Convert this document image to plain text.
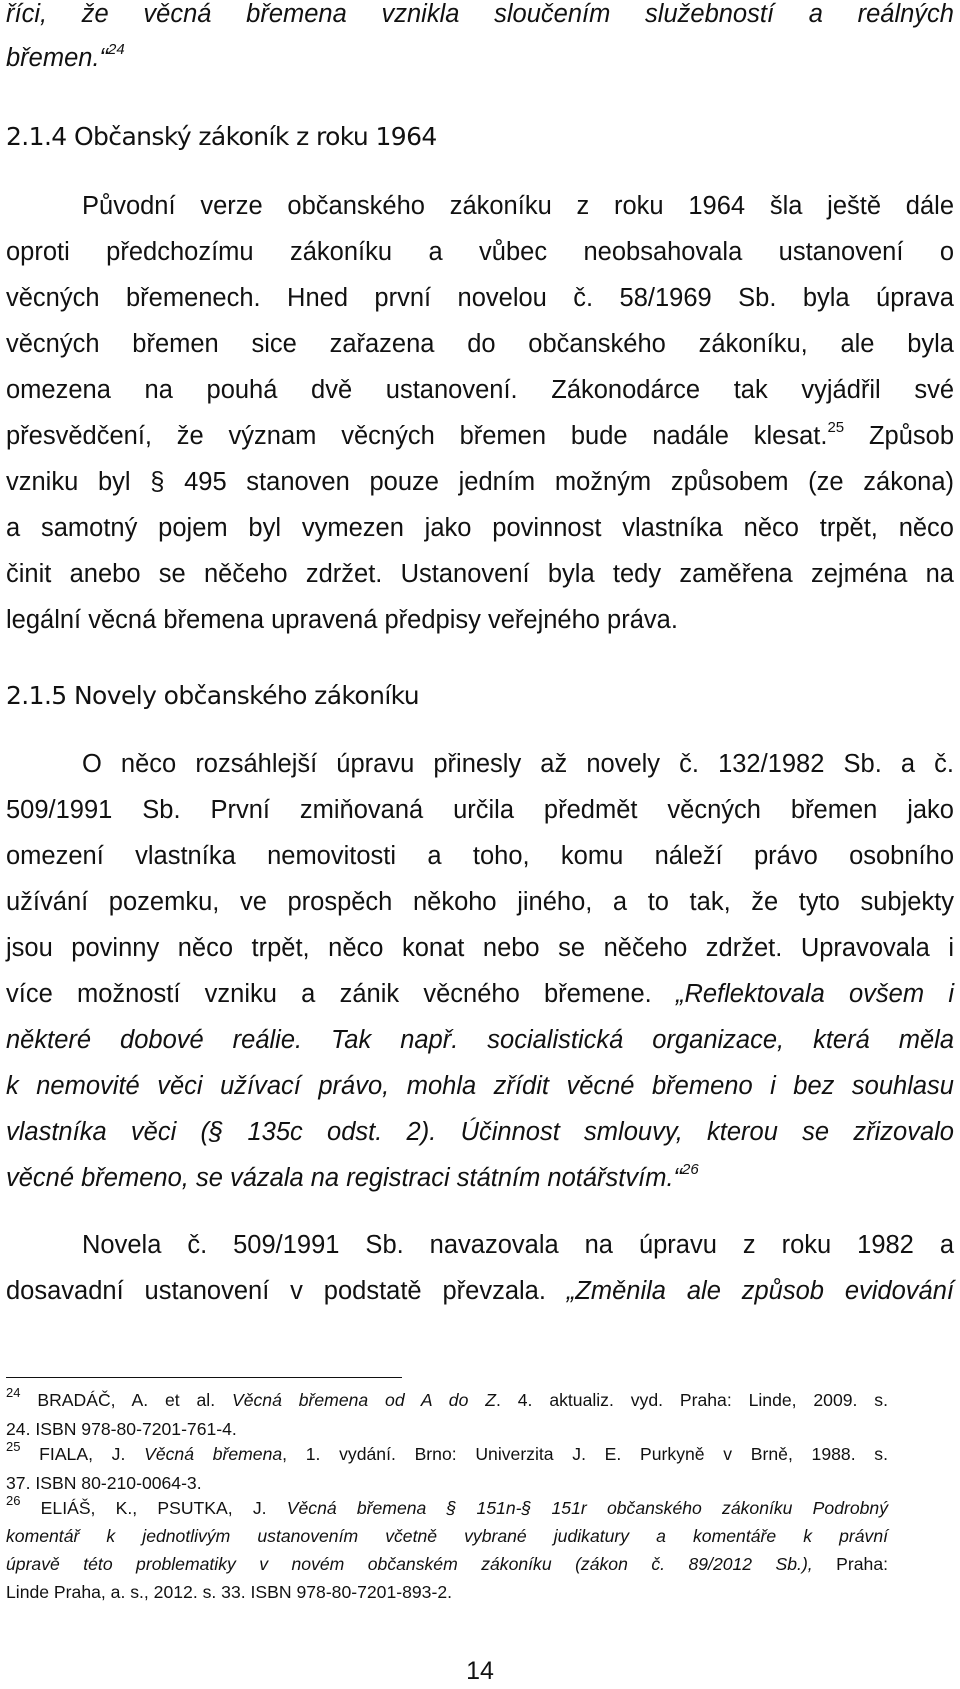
říci, že věcná břemena vznikla sloučením služebností a reálných
břemen.“$^{24}$
2.1.4 Občanský zákoník z roku 1964
Původní verze občanského zákoníku z roku 1964 šla ještě dále
oproti předchozímu zákoníku a vůbec neobsahovala ustanovení o
věcných břemenech. Hned první novelou č. 58/1969 Sb. byla úprava
věcných břemen sice zařazena do občanského zákoníku, ale byla
omezena na pouhá dvě ustanovení. Zákonodárce tak vyjádřil své
přesvědčení, že význam věcných břemen bude nadále klesat.$^{25}$ Způsob
vzniku byl § 495 stanoven pouze jedním možným způsobem (ze zákona)
a samotný pojem byl vymezen jako povinnost vlastníka něco trpět, něco
činit anebo se něčeho zdržet. Ustanovení byla tedy zaměřena zejména na
legální věcná břemena upravená předpisy veřejného práva.
2.1.5 Novely občanského zákoníku
O něco rozsáhlejší úpravu přinesly až novely č. 132/1982 Sb. a č.
509/1991 Sb. První zmiňovaná určila předmět věcných břemen jako
omezení vlastníka nemovitosti a toho, komu náleží právo osobního
užívání pozemku, ve prospěch někoho jiného, a to tak, že tyto subjekty
jsou povinny něco trpět, něco konat nebo se něčeho zdržet. Upravovala i
více možností vzniku a zánik věcného břemene. „Reflektovala ovšem i
některé dobové reálie. Tak např. socialistická organizace, která měla
k nemovité věci užívací právo, mohla zřídit věcné břemeno i bez souhlasu
vlastníka věci (§ 135c odst. 2). Účinnost smlouvy, kterou se zřizovalo
věcné břemeno, se vázala na registraci státním notářstvím.“$^{26}$
Novela č. 509/1991 Sb. navazovala na úpravu z roku 1982 a
dosavadní ustanovení v podstatě převzala. „Změnila ale způsob evidování
$^{24}$ BRADÁČ, A. et al. Věcná břemena od A do Z. 4. aktualiz. vyd. Praha: Linde, 2009. s.
24. ISBN 978-80-7201-761-4.
$^{25}$ FIALA, J. Věcná břemena, 1. vydání. Brno: Univerzita J. E. Purkyně v Brně, 1988. s.
37. ISBN 80-210-0064-3.
$^{26}$ ELIÁŠ, K., PSUTKA, J. Věcná břemena § 151n-§ 151r občanského zákoníku Podrobný
komentář k jednotlivým ustanovením včetně vybrané judikatury a komentáře k právní
úpravě této problematiky v novém občanském zákoníku (zákon č. 89/2012 Sb.), Praha:
Linde Praha, a. s., 2012. s. 33. ISBN 978-80-7201-893-2.
14
